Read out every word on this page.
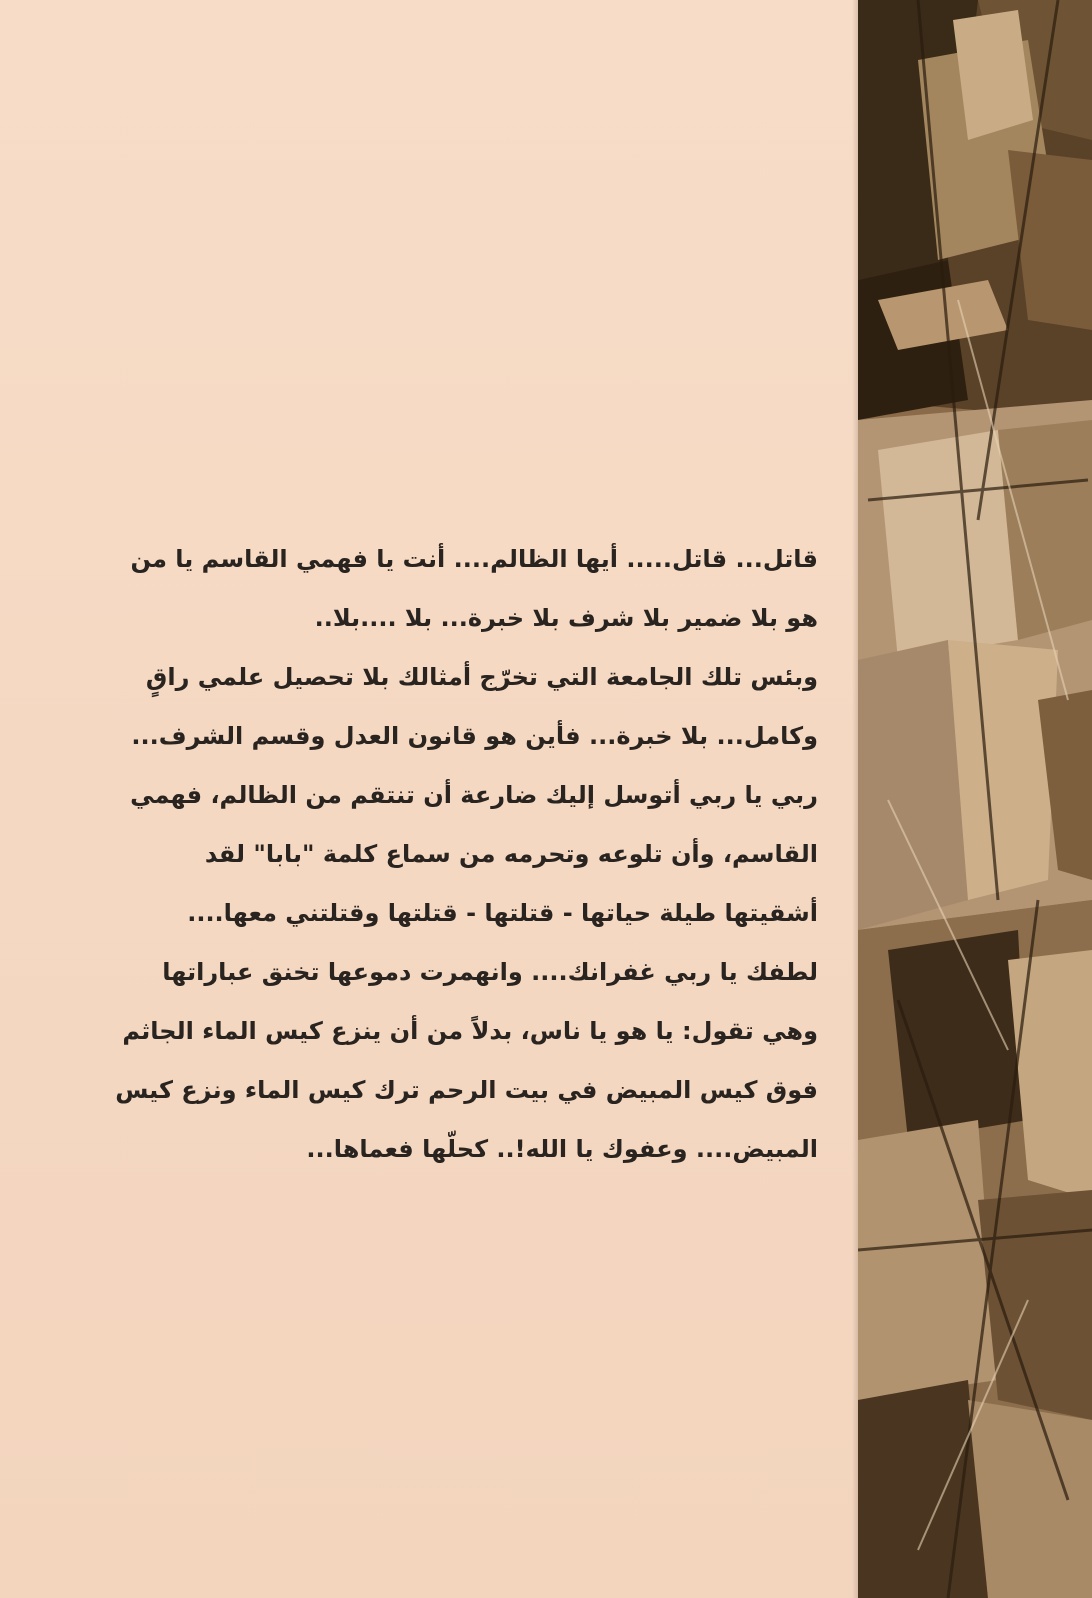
قاتل... قاتل..... أيها الظالم.... أنت يا فهمي القاسم يا من
هو بلا ضمير بلا شرف بلا خبرة... بلا ....بلا..
وبئس تلك الجامعة التي تخرّج أمثالك بلا تحصيل علمي راقٍ
وكامل... بلا خبرة... فأين هو قانون العدل وقسم الشرف...
ربي يا ربي أتوسل إليك ضارعة أن تنتقم من الظالم، فهمي
القاسم، وأن تلوعه وتحرمه من سماع كلمة "بابا" لقد
أشقيتها طيلة حياتها - قتلتها - قتلتها وقتلتني معها....
لطفك يا ربي غفرانك.... وانهمرت دموعها تخنق عباراتها
وهي تقول: يا هو يا ناس، بدلاً من أن ينزع كيس الماء الجاثم
فوق كيس المبيض في بيت الرحم ترك كيس الماء ونزع كيس
المبيض.... وعفوك يا الله!.. كحلّها فعماها...
